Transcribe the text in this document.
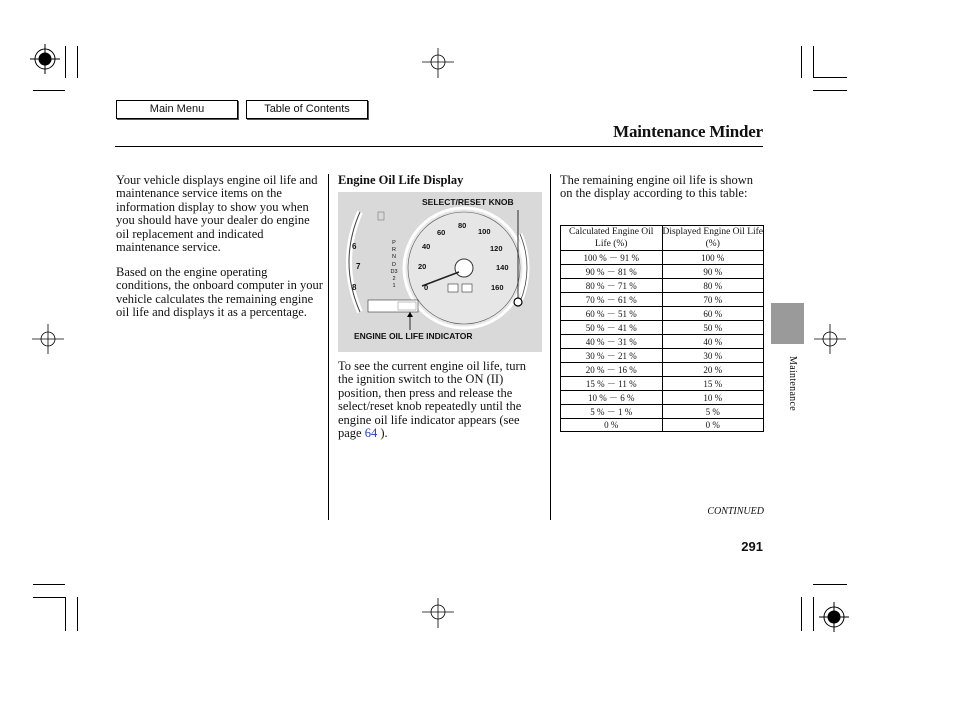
Main Menu	Table of Contents
Maintenance Minder
Your vehicle displays engine oil life and maintenance service items on the information display to show you when you should have your dealer do engine oil replacement and indicated maintenance service.
Based on the engine operating conditions, the onboard computer in your vehicle calculates the remaining engine oil life and displays it as a percentage.
Engine Oil Life Display
SELECT/RESET KNOB
ENGINE OIL LIFE INDICATOR
0
20
40
60
80
100
120
140
160
6
7
8
P
R
N
D
D3
2
1
To see the current engine oil life, turn the ignition switch to the ON (II) position, then press and release the select/reset knob repeatedly until the engine oil life indicator appears (see page 64 ).
The remaining engine oil life is shown on the display according to this table:
Calculated Engine Oil Life (%)	Displayed Engine Oil Life (%)
100 % － 91 %	100 %
90 % － 81 %	90 %
80 % － 71 %	80 %
70 % － 61 %	70 %
60 % － 51 %	60 %
50 % － 41 %	50 %
40 % － 31 %	40 %
30 % － 21 %	30 %
20 % － 16 %	20 %
15 % － 11 %	15 %
10 % － 6 %	10 %
5 % － 1 %	5 %
0 %	0 %
Maintenance
CONTINUED
291
